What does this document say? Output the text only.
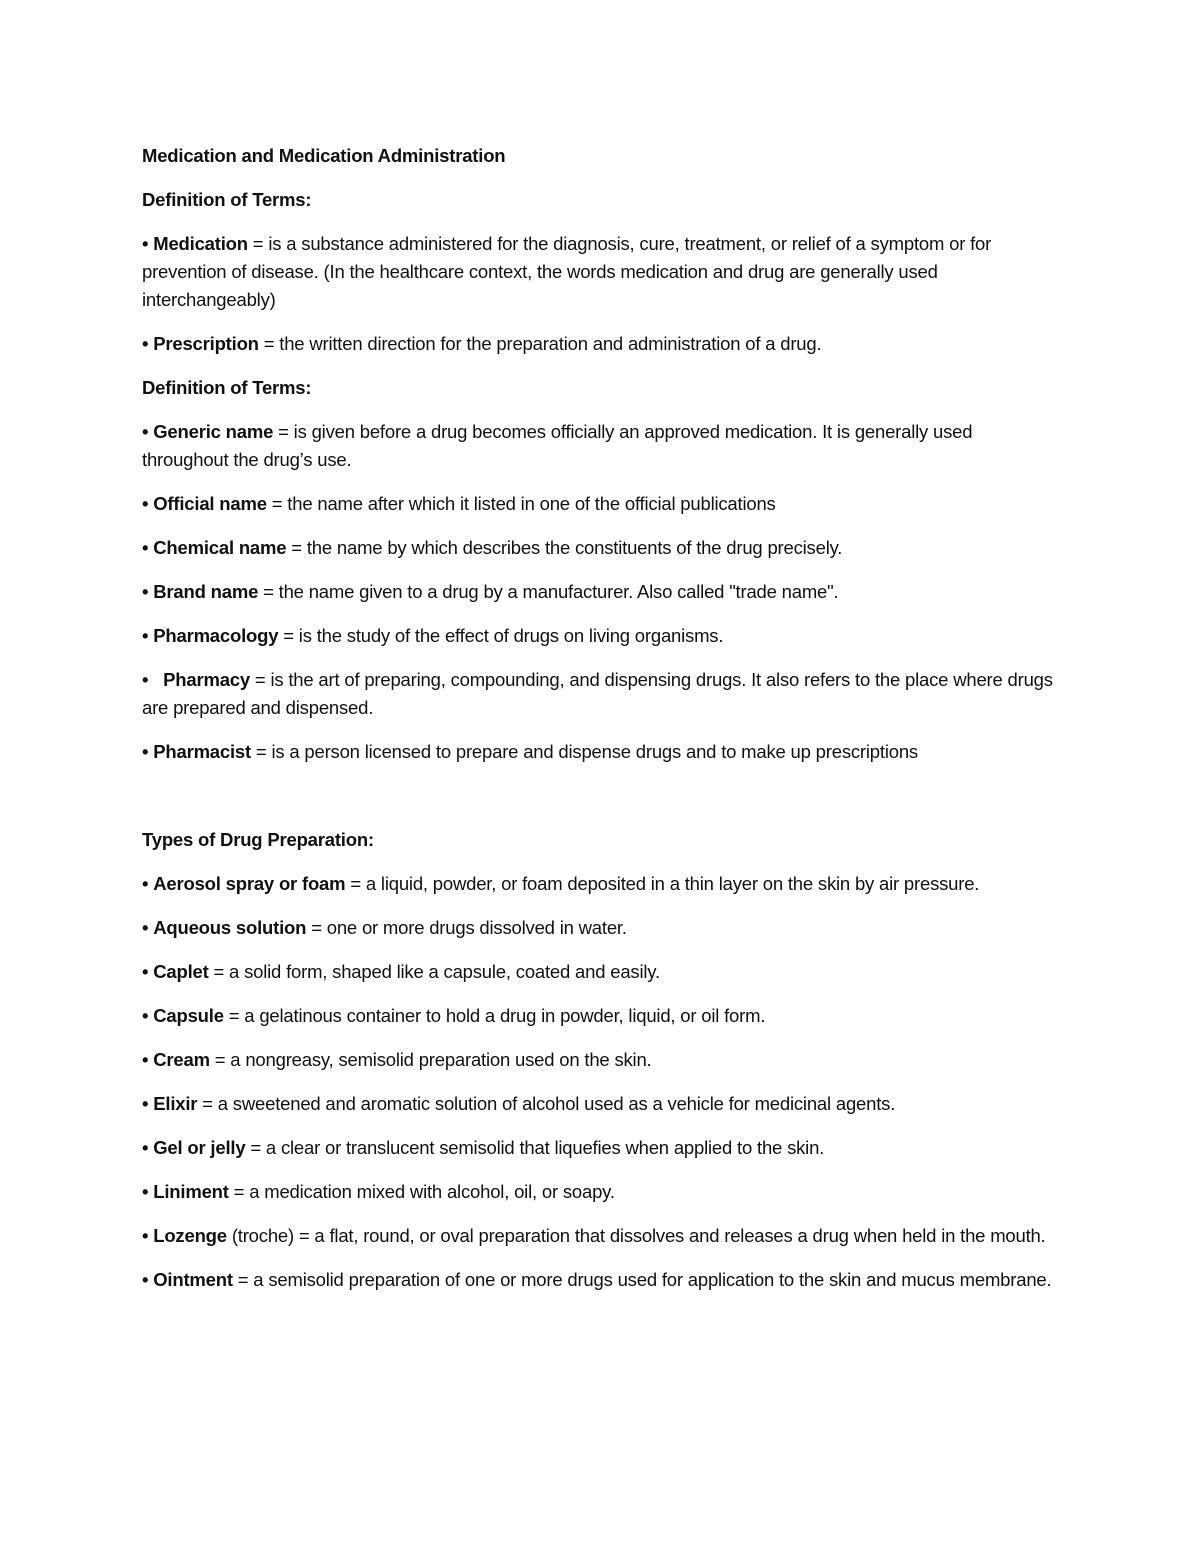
Medication and Medication Administration

Definition of Terms:

• Medication = is a substance administered for the diagnosis, cure, treatment, or relief of a symptom or for prevention of disease. (In the healthcare context, the words medication and drug are generally used interchangeably)

• Prescription = the written direction for the preparation and administration of a drug.

Definition of Terms:

• Generic name = is given before a drug becomes officially an approved medication. It is generally used throughout the drug’s use.

• Official name = the name after which it listed in one of the official publications

• Chemical name = the name by which describes the constituents of the drug precisely.

• Brand name = the name given to a drug by a manufacturer. Also called "trade name".

• Pharmacology = is the study of the effect of drugs on living organisms.

•   Pharmacy = is the art of preparing, compounding, and dispensing drugs. It also refers to the place where drugs are prepared and dispensed.

• Pharmacist = is a person licensed to prepare and dispense drugs and to make up prescriptions

Types of Drug Preparation:

• Aerosol spray or foam = a liquid, powder, or foam deposited in a thin layer on the skin by air pressure.

• Aqueous solution = one or more drugs dissolved in water.

• Caplet = a solid form, shaped like a capsule, coated and easily.

• Capsule = a gelatinous container to hold a drug in powder, liquid, or oil form.

• Cream = a nongreasy, semisolid preparation used on the skin.

• Elixir = a sweetened and aromatic solution of alcohol used as a vehicle for medicinal agents.

• Gel or jelly = a clear or translucent semisolid that liquefies when applied to the skin.

• Liniment = a medication mixed with alcohol, oil, or soapy.

• Lozenge (troche) = a flat, round, or oval preparation that dissolves and releases a drug when held in the mouth.

• Ointment = a semisolid preparation of one or more drugs used for application to the skin and mucus membrane.
